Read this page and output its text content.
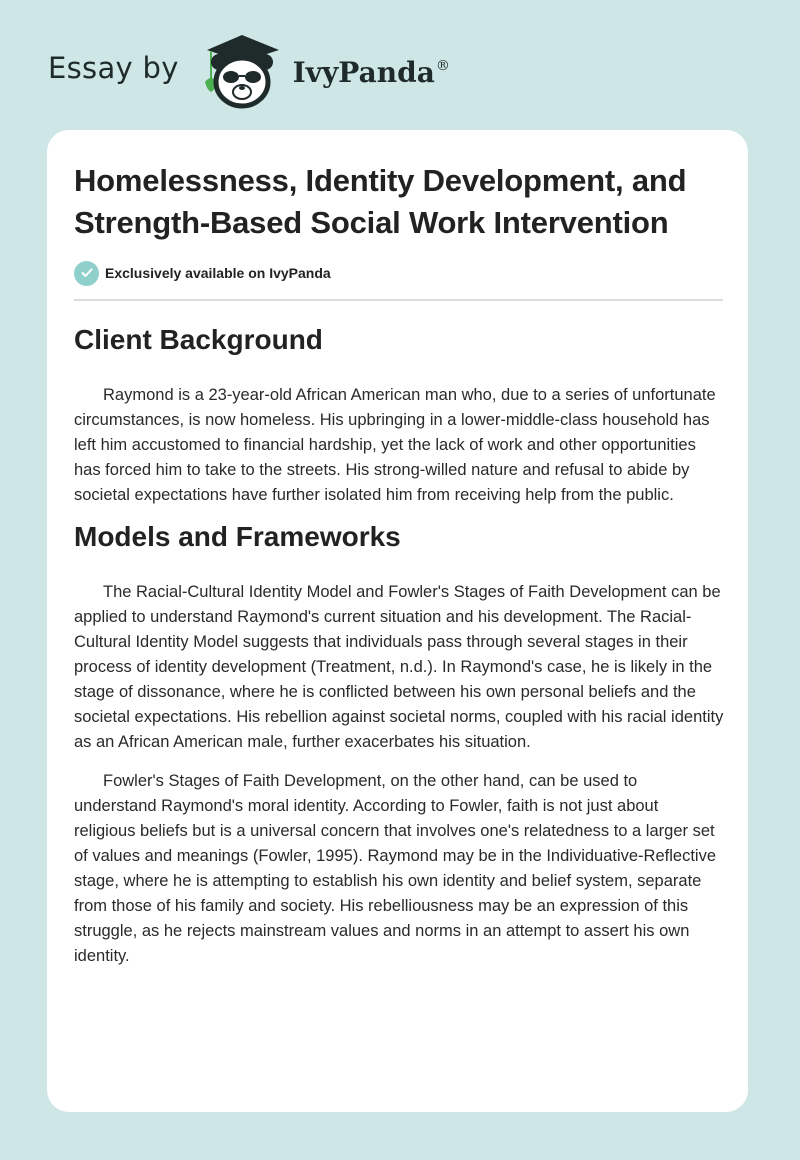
Essay by	IvyPanda®
Homelessness, Identity Development, and Strength-Based Social Work Intervention
Exclusively available on IvyPanda
Client Background

Raymond is a 23-year-old African American man who, due to a series of unfortunate circumstances, is now homeless. His upbringing in a lower-middle-class household has left him accustomed to financial hardship, yet the lack of work and other opportunities has forced him to take to the streets. His strong-willed nature and refusal to abide by societal expectations have further isolated him from receiving help from the public.

Models and Frameworks

The Racial-Cultural Identity Model and Fowler's Stages of Faith Development can be applied to understand Raymond's current situation and his development. The Racial-Cultural Identity Model suggests that individuals pass through several stages in their process of identity development (Treatment, n.d.). In Raymond's case, he is likely in the stage of dissonance, where he is conflicted between his own personal beliefs and the societal expectations. His rebellion against societal norms, coupled with his racial identity as an African American male, further exacerbates his situation.

Fowler's Stages of Faith Development, on the other hand, can be used to understand Raymond's moral identity. According to Fowler, faith is not just about religious beliefs but is a universal concern that involves one's relatedness to a larger set of values and meanings (Fowler, 1995). Raymond may be in the Individuative-Reflective stage, where he is attempting to establish his own identity and belief system, separate from those of his family and society. His rebelliousness may be an expression of this struggle, as he rejects mainstream values and norms in an attempt to assert his own identity.
